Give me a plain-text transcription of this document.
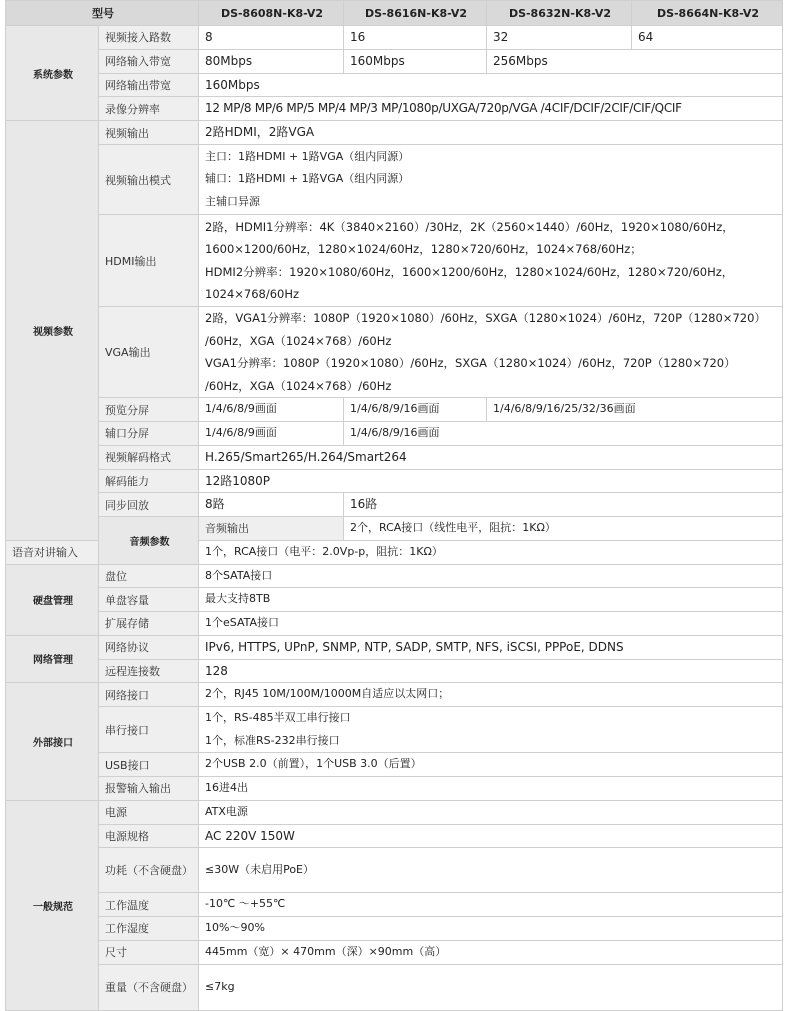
型号		DS-8608N-K8-V2	DS-8616N-K8-V2	DS-8632N-K8-V2	DS-8664N-K8-V2
系统参数	视频接入路数	8	16	32	64
	网络输入带宽	80Mbps	160Mbps	256Mbps	
	网络输出带宽	160Mbps			
	录像分辨率	12 MP/8 MP/6 MP/5 MP/4 MP/3 MP/1080p/UXGA/720p/VGA /4CIF/DCIF/2CIF/CIF/QCIF			
视频参数	视频输出	2路HDMI，2路VGA			
	视频输出模式	主口：1路HDMI + 1路VGA（组内同源）
辅口：1路HDMI + 1路VGA（组内同源）
主辅口异源			

	HDMI输出	2路，HDMI1分辨率：4K（3840×2160）/30Hz，2K（2560×1440）/60Hz，1920×1080/60Hz，
1600×1200/60Hz，1280×1024/60Hz，1280×720/60Hz，1024×768/60Hz；
HDMI2分辨率：1920×1080/60Hz，1600×1200/60Hz，1280×1024/60Hz，1280×720/60Hz，
1024×768/60Hz			

	VGA输出	2路，VGA1分辨率：1080P（1920×1080）/60Hz，SXGA（1280×1024）/60Hz，720P（1280×720）
/60Hz，XGA（1024×768）/60Hz
VGA1分辨率：1080P（1920×1080）/60Hz，SXGA（1280×1024）/60Hz，720P（1280×720）
/60Hz，XGA（1024×768）/60Hz			

	预览分屏	1/4/6/8/9画面	1/4/6/8/9/16画面	1/4/6/8/9/16/25/32/36画面	
	辅口分屏	1/4/6/8/9画面	1/4/6/8/9/16画面		
	视频解码格式	H.265/Smart265/H.264/Smart264			
	解码能力	12路1080P			
	同步回放	8路	16路		
	音频参数	音频输出	2个，RCA接口（线性电平，阻抗：1KΩ）		
语音对讲输入		1个，RCA接口（电平：2.0Vp-p，阻抗：1KΩ）			
硬盘管理	盘位	8个SATA接口			
	单盘容量	最大支持8TB			
	扩展存储	1个eSATA接口			
网络管理	网络协议	IPv6, HTTPS, UPnP, SNMP, NTP, SADP, SMTP, NFS, iSCSI, PPPoE, DDNS			
	远程连接数	128			
外部接口	网络接口	2个，RJ45 10M/100M/1000M自适应以太网口；			
	串行接口	1个，RS-485半双工串行接口
1个，标准RS-232串行接口			

	USB接口	2个USB 2.0（前置），1个USB 3.0（后置）			
	报警输入输出	16进4出			
一般规范	电源	ATX电源			
	电源规格	AC 220V 150W			
	功耗（不含硬盘）	≤30W（未启用PoE）			
	工作温度	-10℃ ～+55℃			
	工作湿度	10%～90%			
	尺寸	445mm（宽）× 470mm（深）×90mm（高）			
	重量（不含硬盘）	≤7kg			
